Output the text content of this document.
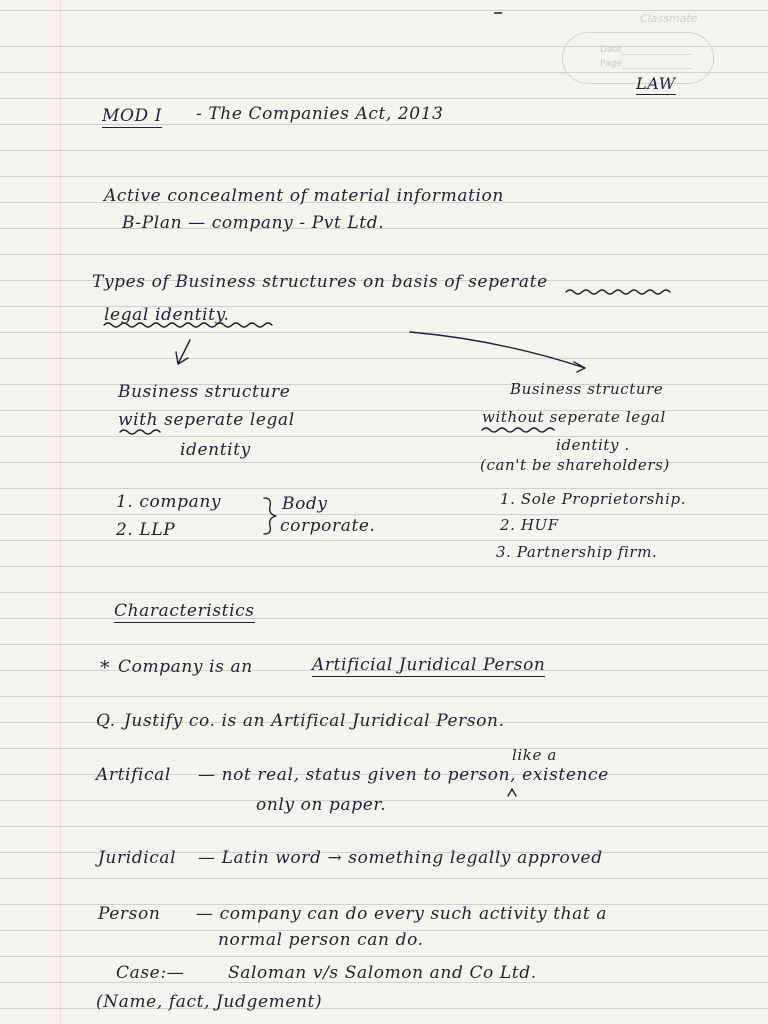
Classmate
Date
Page
LAW
MOD I - The Companies Act, 2013
Active concealment of material information
B-Plan — company - Pvt Ltd.
Types of Business structures on basis of seperate
legal identity.
Business structure
with seperate legal
identity
1. company
2. LLP
Body
corporate.
Business structure
without seperate legal
identity .
(can't be shareholders)
1. Sole Proprietorship.
2. HUF
3. Partnership firm.
Characteristics
* Company is an	Artificial Juridical Person
Q. Justify co. is an Artifical Juridical Person.
like a
Artifical — not real, status given to person, existence
only on paper.
Juridical — Latin word → something legally approved
Person — company can do every such activity that a
normal person can do.
Case:—	Saloman v/s Salomon and Co Ltd.
(Name, fact, Judgement)
